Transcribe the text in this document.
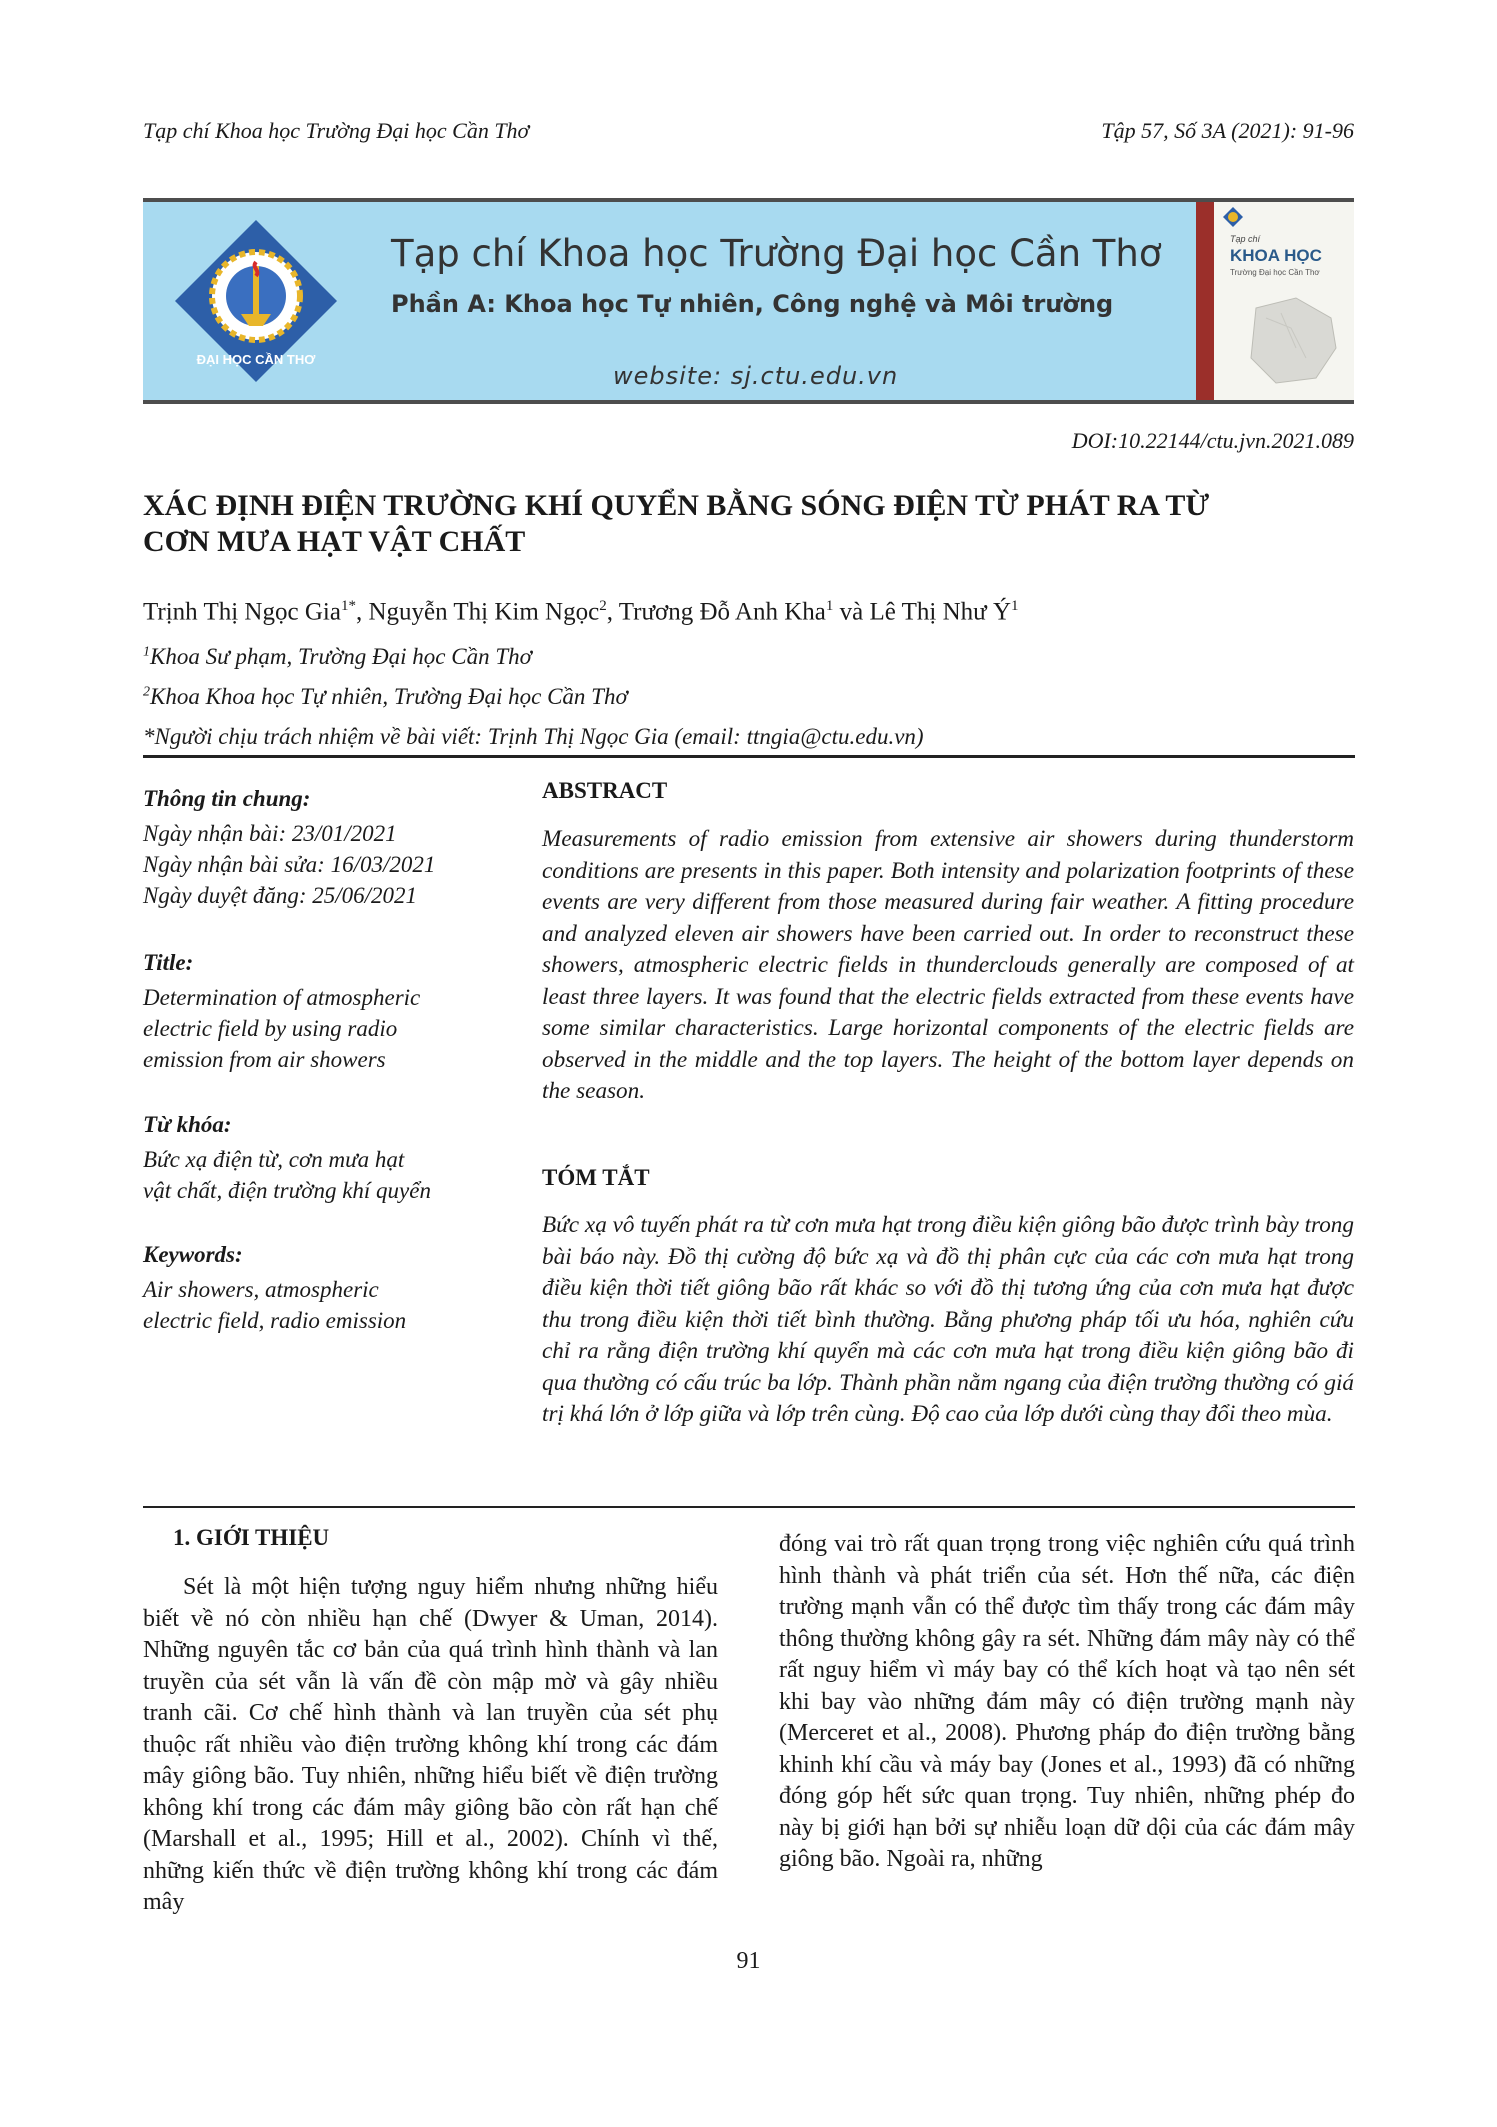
Tạp chí Khoa học Trường Đại học Cần Thơ	Tập 57, Số 3A (2021): 91-96
ĐẠI HỌC CẦN THƠ
Tạp chí Khoa học Trường Đại học Cần Thơ
Phần A: Khoa học Tự nhiên, Công nghệ và Môi trường
website: sj.ctu.edu.vn
Tạp chí
KHOA HỌC
Trường Đại học Cần Thơ
DOI:10.22144/ctu.jvn.2021.089
XÁC ĐỊNH ĐIỆN TRƯỜNG KHÍ QUYỂN BẰNG SÓNG ĐIỆN TỪ PHÁT RA TỪ
CƠN MƯA HẠT VẬT CHẤT
Trịnh Thị Ngọc Gia$^{1*}$, Nguyễn Thị Kim Ngọc$^2$, Trương Đỗ Anh Kha$^1$ và Lê Thị Như $Ý^1$
$^1$Khoa Sư phạm, Trường Đại học Cần Thơ
$^2$Khoa Khoa học Tự nhiên, Trường Đại học Cần Thơ
*Người chịu trách nhiệm về bài viết: Trịnh Thị Ngọc Gia (email: ttngia@ctu.edu.vn)
Thông tin chung:
Ngày nhận bài: 23/01/2021
Ngày nhận bài sửa: 16/03/2021
Ngày duyệt đăng: 25/06/2021
Title:
Determination of atmospheric
electric field by using radio
emission from air showers
Từ khóa:
Bức xạ điện từ, cơn mưa hạt
vật chất, điện trường khí quyển
Keywords:
Air showers, atmospheric
electric field, radio emission
ABSTRACT
Measurements of radio emission from extensive air showers during thunderstorm conditions are presents in this paper. Both intensity and polarization footprints of these events are very different from those measured during fair weather. A fitting procedure and analyzed eleven air showers have been carried out. In order to reconstruct these showers, atmospheric electric fields in thunderclouds generally are composed of at least three layers. It was found that the electric fields extracted from these events have some similar characteristics. Large horizontal components of the electric fields are observed in the middle and the top layers. The height of the bottom layer depends on the season.
TÓM TẮT
Bức xạ vô tuyến phát ra từ cơn mưa hạt trong điều kiện giông bão được trình bày trong bài báo này. Đồ thị cường độ bức xạ và đồ thị phân cực của các cơn mưa hạt trong điều kiện thời tiết giông bão rất khác so với đồ thị tương ứng của cơn mưa hạt được thu trong điều kiện thời tiết bình thường. Bằng phương pháp tối ưu hóa, nghiên cứu chỉ ra rằng điện trường khí quyển mà các cơn mưa hạt trong điều kiện giông bão đi qua thường có cấu trúc ba lớp. Thành phần nằm ngang của điện trường thường có giá trị khá lớn ở lớp giữa và lớp trên cùng. Độ cao của lớp dưới cùng thay đổi theo mùa.
1. GIỚI THIỆU
Sét là một hiện tượng nguy hiểm nhưng những hiểu biết về nó còn nhiều hạn chế (Dwyer & Uman, 2014). Những nguyên tắc cơ bản của quá trình hình thành và lan truyền của sét vẫn là vấn đề còn mập mờ và gây nhiều tranh cãi. Cơ chế hình thành và lan truyền của sét phụ thuộc rất nhiều vào điện trường không khí trong các đám mây giông bão. Tuy nhiên, những hiểu biết về điện trường không khí trong các đám mây giông bão còn rất hạn chế (Marshall et al., 1995; Hill et al., 2002). Chính vì thế, những kiến thức về điện trường không khí trong các đám mây
đóng vai trò rất quan trọng trong việc nghiên cứu quá trình hình thành và phát triển của sét. Hơn thế nữa, các điện trường mạnh vẫn có thể được tìm thấy trong các đám mây thông thường không gây ra sét. Những đám mây này có thể rất nguy hiểm vì máy bay có thể kích hoạt và tạo nên sét khi bay vào những đám mây có điện trường mạnh này (Merceret et al., 2008). Phương pháp đo điện trường bằng khinh khí cầu và máy bay (Jones et al., 1993) đã có những đóng góp hết sức quan trọng. Tuy nhiên, những phép đo này bị giới hạn bởi sự nhiễu loạn dữ dội của các đám mây giông bão. Ngoài ra, những
91
